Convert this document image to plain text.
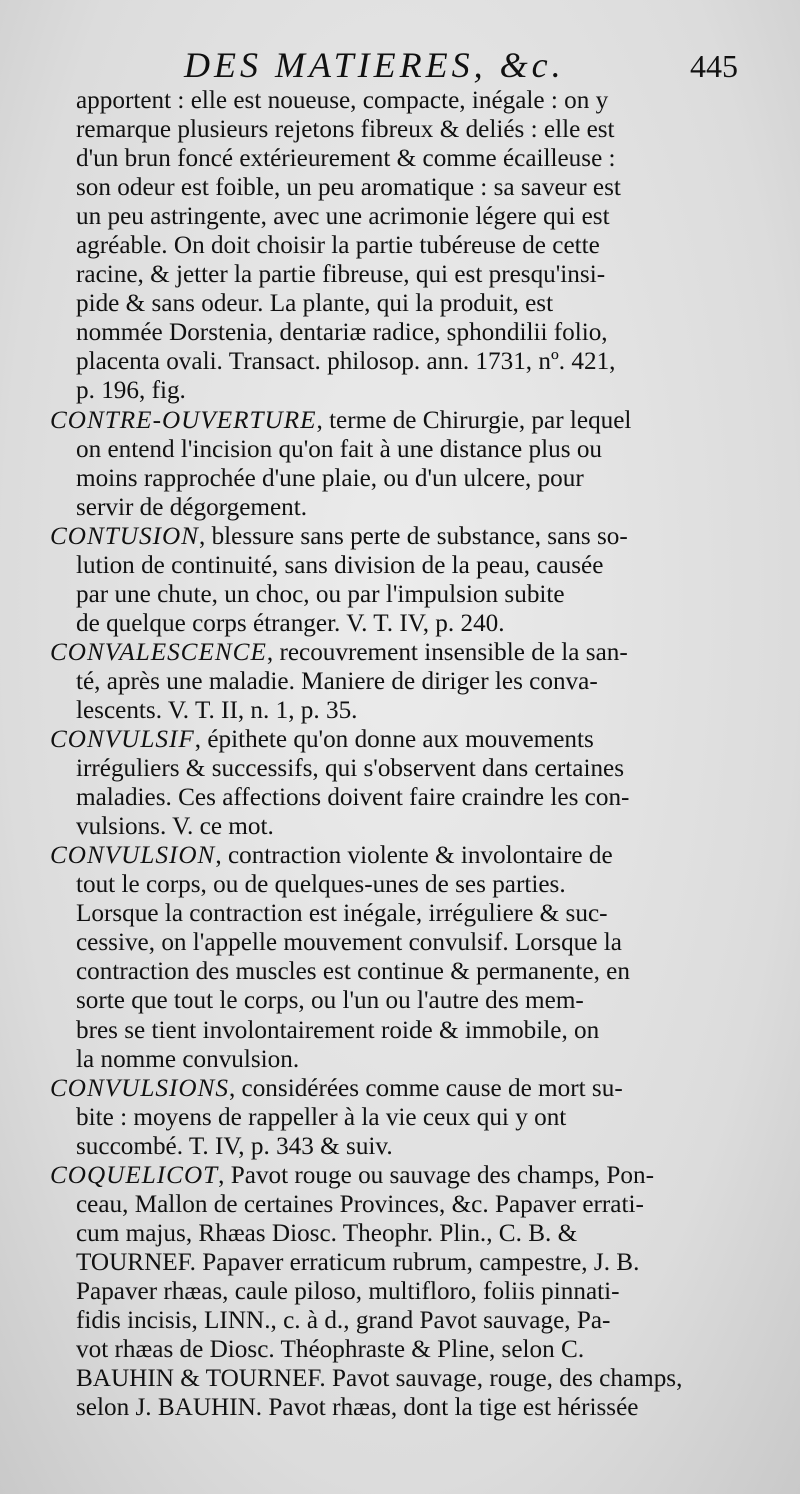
DES MATIERES, &c.	445
apportent : elle est noueuse, compacte, inégale : on y
remarque plusieurs rejetons fibreux & deliés : elle est
d'un brun foncé extérieurement & comme écailleuse :
son odeur est foible, un peu aromatique : sa saveur est
un peu astringente, avec une acrimonie légere qui est
agréable. On doit choisir la partie tubéreuse de cette
racine, & jetter la partie fibreuse, qui est presqu'insi-
pide & sans odeur. La plante, qui la produit, est
nommée Dorstenia, dentariæ radice, sphondilii folio,
placenta ovali. Transact. philosop. ann. 1731, nº. 421,
p. 196, fig.
CONTRE-OUVERTURE, terme de Chirurgie, par lequel
on entend l'incision qu'on fait à une distance plus ou
moins rapprochée d'une plaie, ou d'un ulcere, pour
servir de dégorgement.
CONTUSION, blessure sans perte de substance, sans so-
lution de continuité, sans division de la peau, causée
par une chute, un choc, ou par l'impulsion subite
de quelque corps étranger. V. T. IV, p. 240.
CONVALESCENCE, recouvrement insensible de la san-
té, après une maladie. Maniere de diriger les conva-
lescents. V. T. II, n. 1, p. 35.
CONVULSIF, épithete qu'on donne aux mouvements
irréguliers & successifs, qui s'observent dans certaines
maladies. Ces affections doivent faire craindre les con-
vulsions. V. ce mot.
CONVULSION, contraction violente & involontaire de
tout le corps, ou de quelques-unes de ses parties.
Lorsque la contraction est inégale, irréguliere & suc-
cessive, on l'appelle mouvement convulsif. Lorsque la
contraction des muscles est continue & permanente, en
sorte que tout le corps, ou l'un ou l'autre des mem-
bres se tient involontairement roide & immobile, on
la nomme convulsion.
CONVULSIONS, considérées comme cause de mort su-
bite : moyens de rappeller à la vie ceux qui y ont
succombé. T. IV, p. 343 & suiv.
COQUELICOT, Pavot rouge ou sauvage des champs, Pon-
ceau, Mallon de certaines Provinces, &c. Papaver errati-
cum majus, Rhæas Diosc. Theophr. Plin., C. B. &
TOURNEF. Papaver erraticum rubrum, campestre, J. B.
Papaver rhæas, caule piloso, multifloro, foliis pinnati-
fidis incisis, LINN., c. à d., grand Pavot sauvage, Pa-
vot rhæas de Diosc. Théophraste & Pline, selon C.
BAUHIN & TOURNEF. Pavot sauvage, rouge, des champs,
selon J. BAUHIN. Pavot rhæas, dont la tige est hérissée
